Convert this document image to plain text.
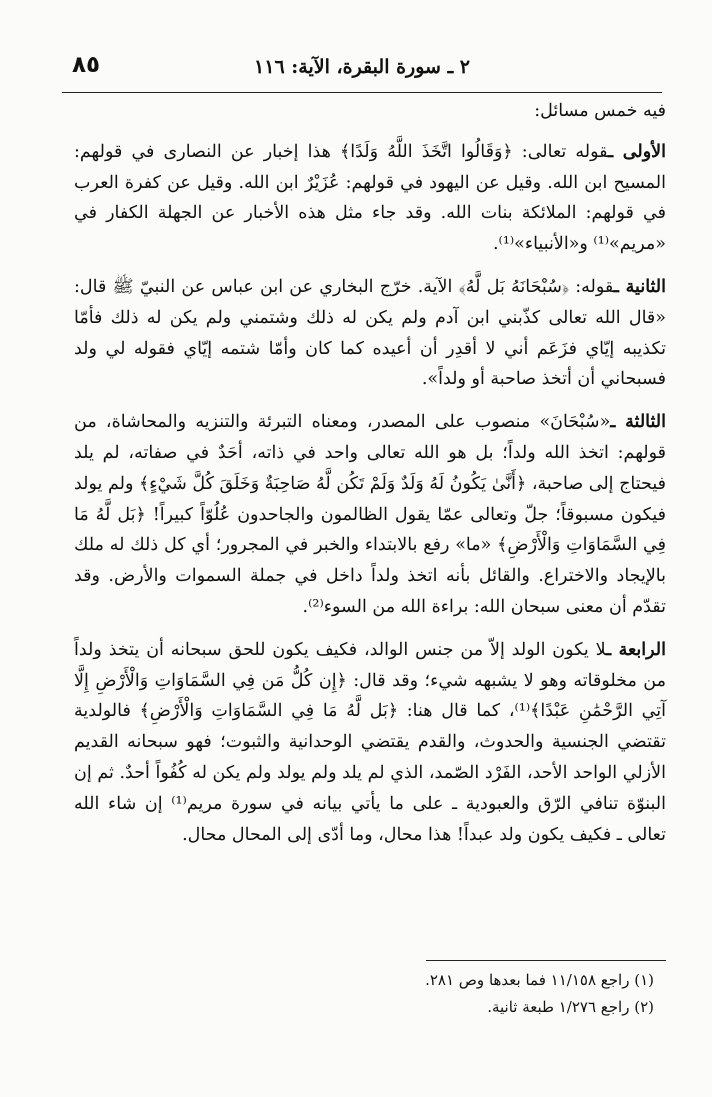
٨٥	٢ ـ سورة البقرة، الآية: ١١٦

فيه خمس مسائل:

الأولى ـقوله تعالى: ﴿وَقَالُوا اتَّخَذَ اللَّهُ وَلَدًا﴾ هذا إخبار عن النصارى في قولهم: المسيح ابن الله. وقيل عن اليهود في قولهم: عُزَيْرٌ ابن الله. وقيل عن كفرة العرب في قولهم: الملائكة بنات الله. وقد جاء مثل هذه الأخبار عن الجهلة الكفار في «مريم»⁽¹⁾ و«الأنبياء»⁽¹⁾.

الثانية ـقوله: ﴿سُبْحَانَهُ بَل لَّهُ﴾ الآية. خرّج البخاري عن ابن عباس عن النبيّ ﷺ قال: «قال الله تعالى كذّبني ابن آدم ولم يكن له ذلك وشتمني ولم يكن له ذلك فأمّا تكذيبه إيّاي فزَعَم أني لا أقدِر أن أعيده كما كان وأمّا شتمه إيّاي فقوله لي ولد فسبحاني أن أتخذ صاحبة أو ولداً».

الثالثة ـ«سُبْحَانَ» منصوب على المصدر، ومعناه التبرئة والتنزيه والمحاشاة، من قولهم: اتخذ الله ولداً؛ بل هو الله تعالى واحد في ذاته، أحَدٌ في صفاته، لم يلد فيحتاج إلى صاحبة، ﴿أَنَّىٰ يَكُونُ لَهُ وَلَدٌ وَلَمْ تَكُن لَّهُ صَاحِبَةٌ وَخَلَقَ كُلَّ شَيْءٍ﴾ ولم يولد فيكون مسبوقاً؛ جلّ وتعالى عمّا يقول الظالمون والجاحدون عُلُوّاً كبيراً! ﴿بَل لَّهُ مَا فِي السَّمَاوَاتِ وَالْأَرْضِ﴾ «ما» رفع بالابتداء والخبر في المجرور؛ أي كل ذلك له ملك بالإيجاد والاختراع. والقائل بأنه اتخذ ولداً داخل في جملة السموات والأرض. وقد تقدّم أن معنى سبحان الله: براءة الله من السوء⁽²⁾.

الرابعة ـلا يكون الولد إلاّ من جنس الوالد، فكيف يكون للحق سبحانه أن يتخذ ولداً من مخلوقاته وهو لا يشبهه شيء؛ وقد قال: ﴿إِن كُلُّ مَن فِي السَّمَاوَاتِ وَالْأَرْضِ إِلَّا آتِي الرَّحْمَٰنِ عَبْدًا﴾⁽¹⁾، كما قال هنا: ﴿بَل لَّهُ مَا فِي السَّمَاوَاتِ وَالْأَرْضِ﴾ فالولدية تقتضي الجنسية والحدوث، والقدم يقتضي الوحدانية والثبوت؛ فهو سبحانه القديم الأزلي الواحد الأحد، الفَرْد الصّمد، الذي لم يلد ولم يولد ولم يكن له كُفُواً أحدٌ. ثم إن البنوّة تنافي الرّق والعبودية ـ على ما يأتي بيانه في سورة مريم⁽¹⁾ إن شاء الله تعالى ـ فكيف يكون ولد عبداً! هذا محال، وما أدّى إلى المحال محال.

(١) راجع ١١/١٥٨ فما بعدها وص ٢٨١.
(٢) راجع ١/٢٧٦ طبعة ثانية.
